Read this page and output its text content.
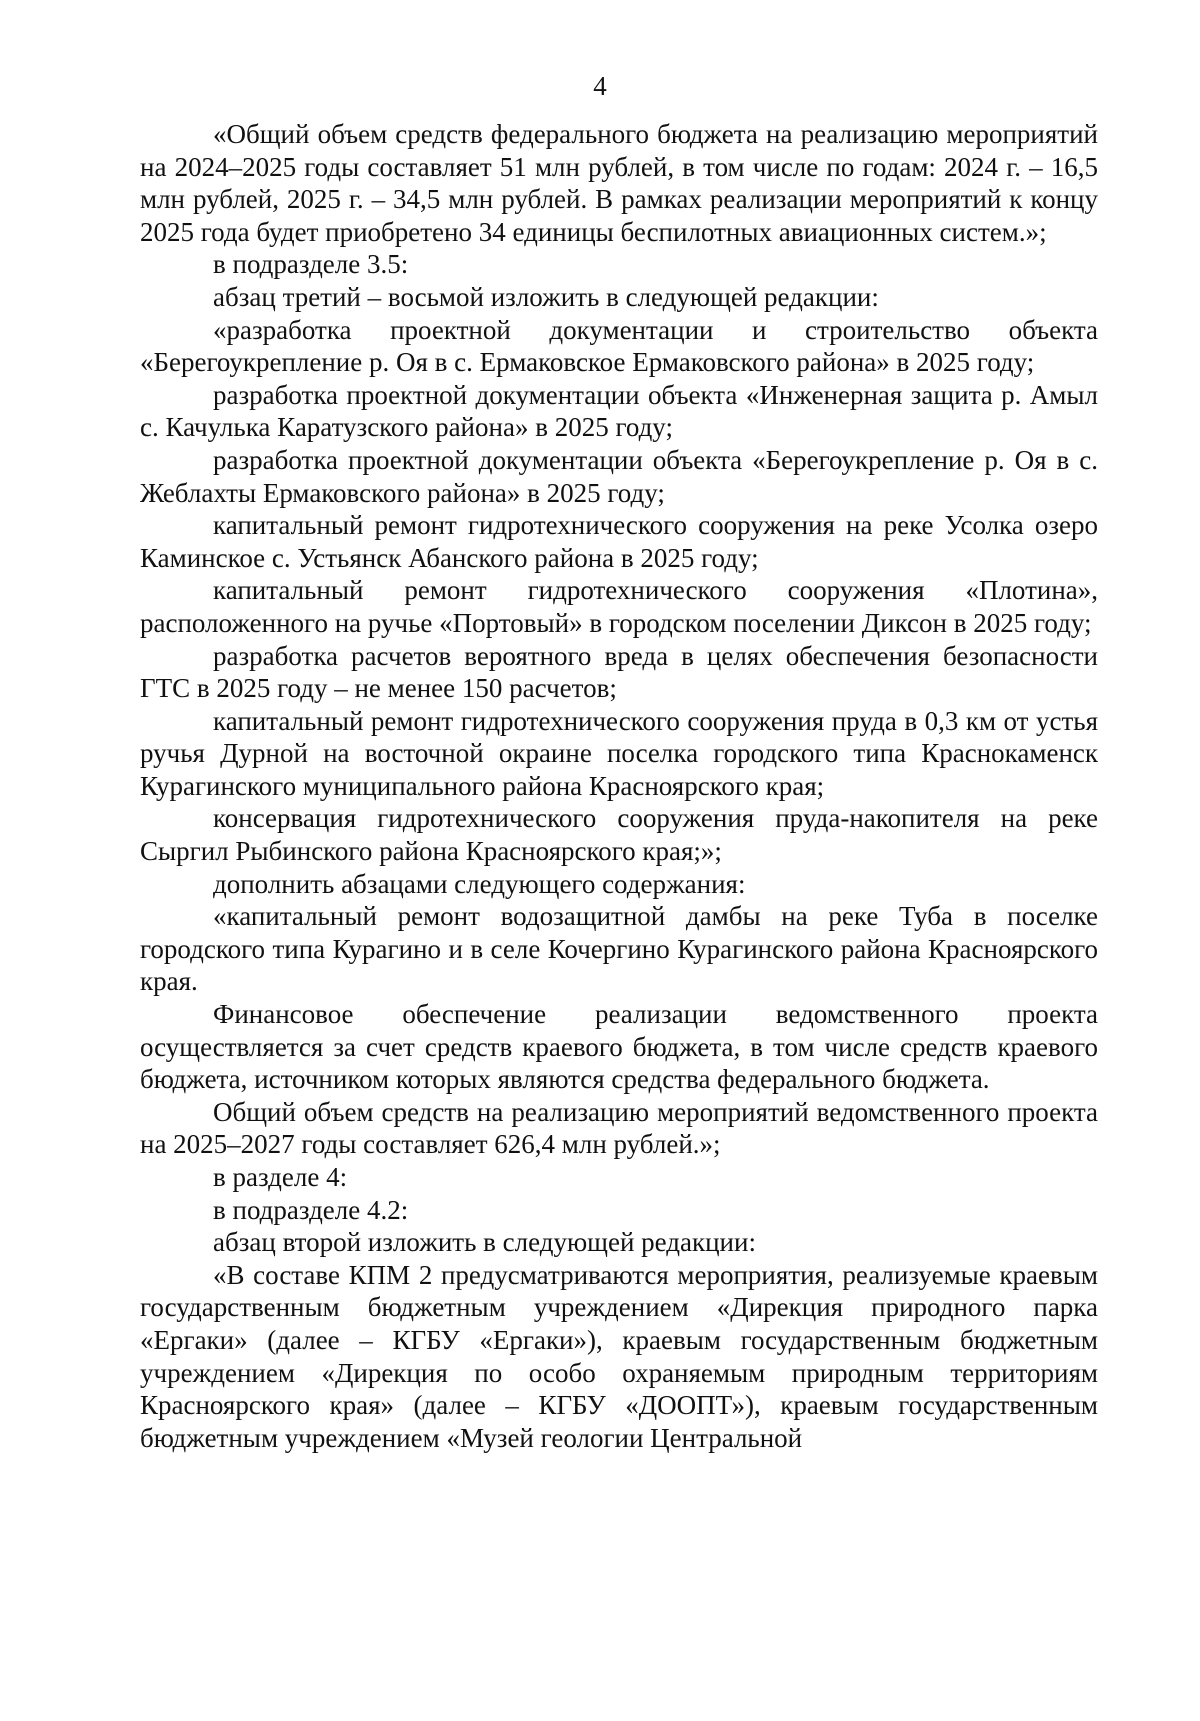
4

«Общий объем средств федерального бюджета на реализацию мероприятий на 2024–2025 годы составляет 51 млн рублей, в том числе по годам: 2024 г. – 16,5 млн рублей, 2025 г. – 34,5 млн рублей. В рамках реализации мероприятий к концу 2025 года будет приобретено 34 единицы беспилотных авиационных систем.»;

в подразделе 3.5:

абзац третий – восьмой изложить в следующей редакции:

«разработка проектной документации и строительство объекта «Берегоукрепление р. Оя в с. Ермаковское Ермаковского района» в 2025 году;

разработка проектной документации объекта «Инженерная защита р. Амыл с. Качулька Каратузского района» в 2025 году;

разработка проектной документации объекта «Берегоукрепление р. Оя в с. Жеблахты Ермаковского района» в 2025 году;

капитальный ремонт гидротехнического сооружения на реке Усолка озеро Каминское с. Устьянск Абанского района в 2025 году;

капитальный ремонт гидротехнического сооружения «Плотина», расположенного на ручье «Портовый» в городском поселении Диксон в 2025 году;

разработка расчетов вероятного вреда в целях обеспечения безопасности ГТС в 2025 году – не менее 150 расчетов;

капитальный ремонт гидротехнического сооружения пруда в 0,3 км от устья ручья Дурной на восточной окраине поселка городского типа Краснокаменск Курагинского муниципального района Красноярского края;

консервация гидротехнического сооружения пруда-накопителя на реке Сыргил Рыбинского района Красноярского края;»;

дополнить абзацами следующего содержания:

«капитальный ремонт водозащитной дамбы на реке Туба в поселке городского типа Курагино и в селе Кочергино Курагинского района Красноярского края.

Финансовое обеспечение реализации ведомственного проекта осуществляется за счет средств краевого бюджета, в том числе средств краевого бюджета, источником которых являются средства федерального бюджета.

Общий объем средств на реализацию мероприятий ведомственного проекта на 2025–2027 годы составляет 626,4 млн рублей.»;

в разделе 4:

в подразделе 4.2:

абзац второй изложить в следующей редакции:

«В составе КПМ 2 предусматриваются мероприятия, реализуемые краевым государственным бюджетным учреждением «Дирекция природного парка «Ергаки» (далее – КГБУ «Ергаки»), краевым государственным бюджетным учреждением «Дирекция по особо охраняемым природным территориям Красноярского края» (далее – КГБУ «ДООПТ»), краевым государственным бюджетным учреждением «Музей геологии Центральной
